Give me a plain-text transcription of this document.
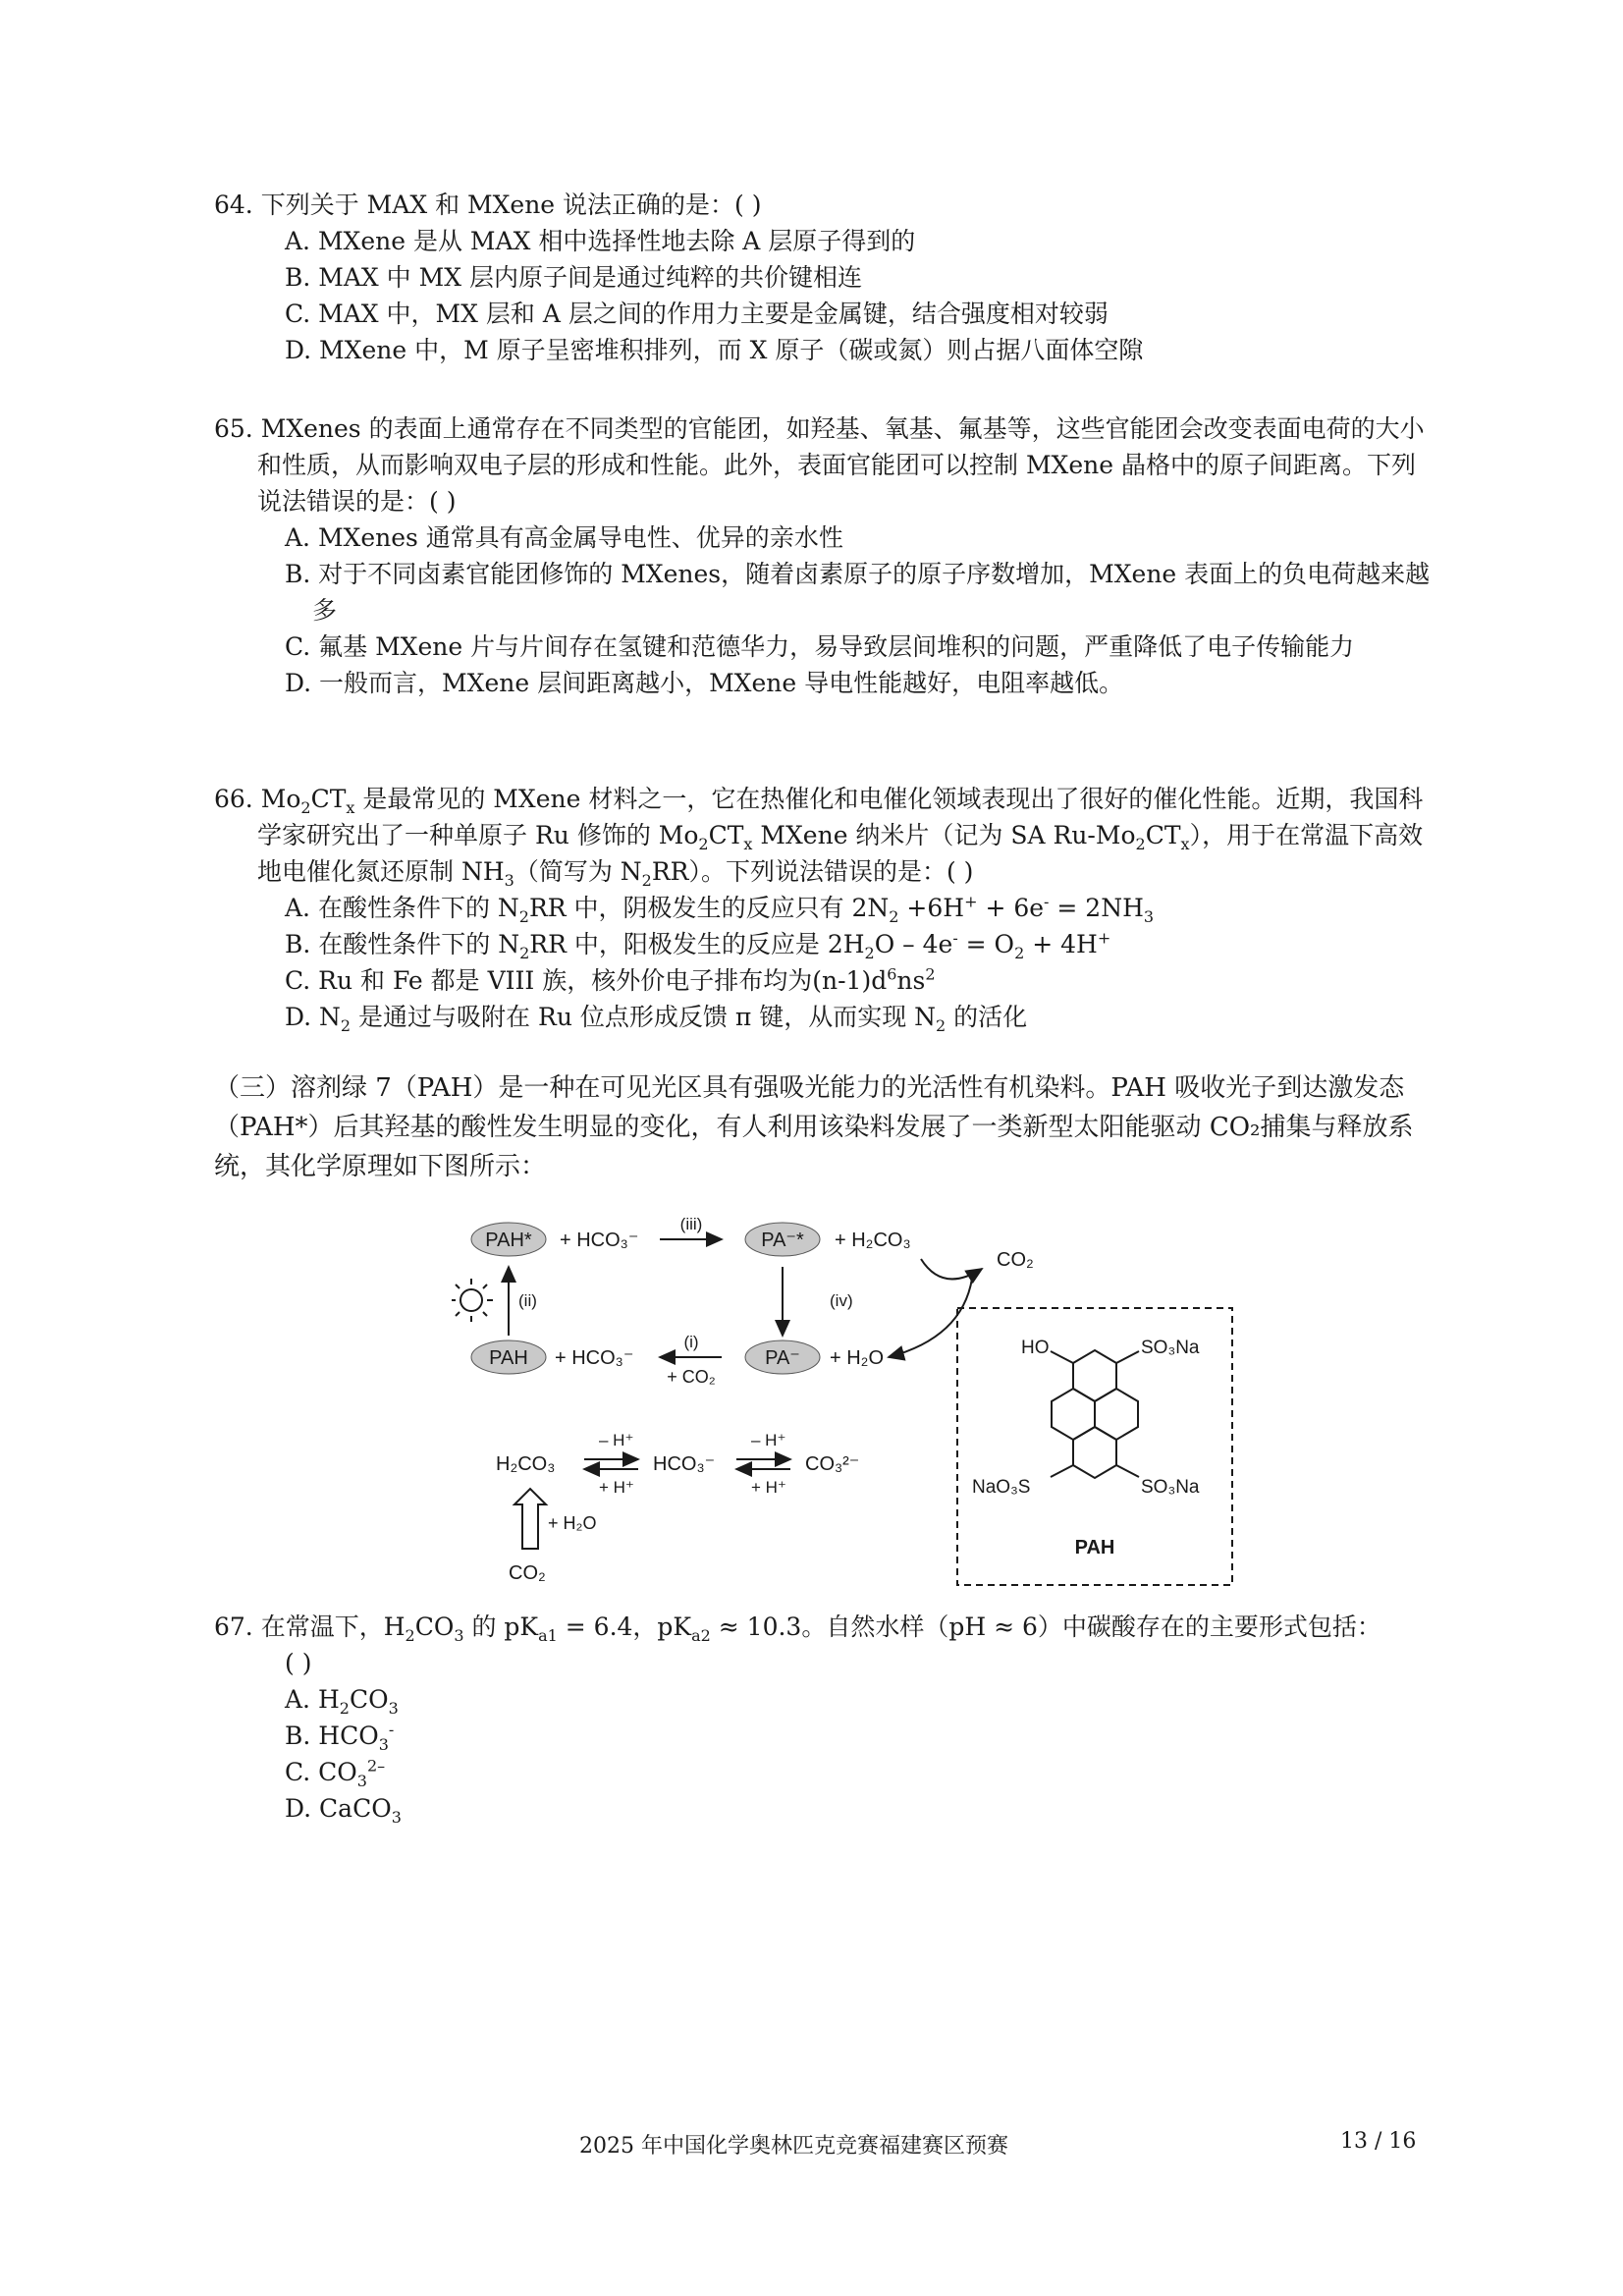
64. 下列关于 MAX 和 MXene 说法正确的是：( )
A. MXene 是从 MAX 相中选择性地去除 A 层原子得到的
B. MAX 中 MX 层内原子间是通过纯粹的共价键相连
C. MAX 中，MX 层和 A 层之间的作用力主要是金属键，结合强度相对较弱
D. MXene 中，M 原子呈密堆积排列，而 X 原子（碳或氮）则占据八面体空隙
65. MXenes 的表面上通常存在不同类型的官能团，如羟基、氧基、氟基等，这些官能团会改变表面电荷的大小和性质，从而影响双电子层的形成和性能。此外，表面官能团可以控制 MXene 晶格中的原子间距离。下列说法错误的是：( )
A. MXenes 通常具有高金属导电性、优异的亲水性
B. 对于不同卤素官能团修饰的 MXenes，随着卤素原子的原子序数增加，MXene 表面上的负电荷越来越多
C. 氟基 MXene 片与片间存在氢键和范德华力，易导致层间堆积的问题，严重降低了电子传输能力
D. 一般而言，MXene 层间距离越小，MXene 导电性能越好，电阻率越低。
66. $Mo_2CT_x$ 是最常见的 MXene 材料之一，它在热催化和电催化领域表现出了很好的催化性能。近期，我国科学家研究出了一种单原子 Ru 修饰的 $Mo_2CT_x$ MXene 纳米片（记为 SA $Ru-Mo_2CT_x$），用于在常温下高效地电催化氮还原制 $NH_3$（简写为 $N_2RR$）。下列说法错误的是：( )
A. 在酸性条件下的 $N_2RR$ 中，阴极发生的反应只有 $2N_2 +6H^+ + 6e^- = 2NH_3$
B. 在酸性条件下的 $N_2RR$ 中，阳极发生的反应是 $2H_2O - 4e^- = O_2 + 4H^+$
C. Ru 和 Fe 都是 VIII 族，核外价电子排布均为$(n-1)d^6ns^2$
D. $N_2$ 是通过与吸附在 Ru 位点形成反馈 π 键，从而实现 $N_2$ 的活化
（三）溶剂绿 7（PAH）是一种在可见光区具有强吸光能力的光活性有机染料。PAH 吸收光子到达激发态（PAH*）后其羟基的酸性发生明显的变化，有人利用该染料发展了一类新型太阳能驱动 CO₂捕集与释放系统，其化学原理如下图所示：
PAH* + HCO₃⁻
(iii)
PA⁻* + H₂CO₃
CO₂
(ii)	(iv)
PAH + HCO₃⁻
(i)
+ CO₂
PA⁻ + H₂O
H₂CO₃
– H⁺
+ H⁺
HCO₃⁻
– H⁺
+ H⁺
CO₃²⁻
+ H₂O
CO₂
HO	SO₃Na
NaO₃S	SO₃Na
PAH
67. 在常温下，$H_2CO_3$ 的 $pK_{a1} = 6.4$，$pK_{a2} \approx 10.3$。自然水样（pH ≈ 6）中碳酸存在的主要形式包括：
( )
A. $H_2CO_3$
B. $HCO_3^-$
C. $CO_3^{2-}$
D. CaCO$_3$
2025 年中国化学奥林匹克竞赛福建赛区预赛	13 / 16
